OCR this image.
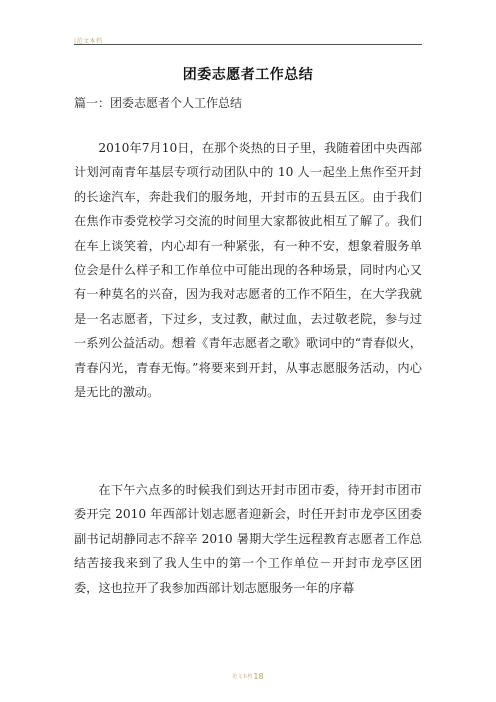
|范文本档
团委志愿者工作总结
篇一：团委志愿者个人工作总结

2010年7月10日，在那个炎热的日子里，我随着团中央西部计划河南青年基层专项行动团队中的 10 人一起坐上焦作至开封的长途汽车，奔赴我们的服务地，开封市的五县五区。由于我们在焦作市委党校学习交流的时间里大家都彼此相互了解了。我们在车上谈笑着，内心却有一种紧张，有一种不安，想象着服务单位会是什么样子和工作单位中可能出现的各种场景，同时内心又有一种莫名的兴奋，因为我对志愿者的工作不陌生，在大学我就是一名志愿者，下过乡，支过教，献过血，去过敬老院，参与过一系列公益活动。想着《青年志愿者之歌》歌词中的“青春似火，青春闪光，青春无悔。”将要来到开封，从事志愿服务活动，内心是无比的激动。

在下午六点多的时候我们到达开封市团市委，待开封市团市委开完 2010 年西部计划志愿者迎新会，时任开封市龙亭区团委副书记胡静同志不辞辛 2010 暑期大学生远程教育志愿者工作总结苦接我来到了我人生中的第一个工作单位－开封市龙亭区团委，这也拉开了我参加西部计划志愿服务一年的序幕

范文本档18
